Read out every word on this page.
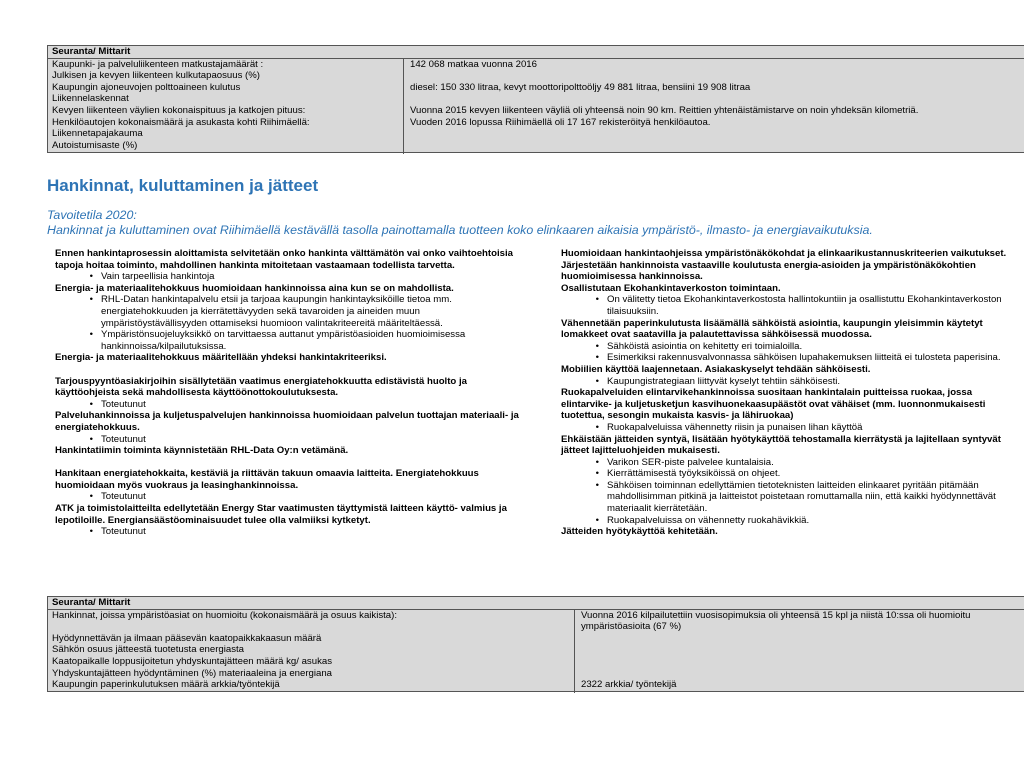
Seuranta/ Mittarit
Kaupunki- ja palveluliikenteen matkustajamäärät :
Julkisen ja kevyen liikenteen kulkutapaosuus (%)
Kaupungin ajoneuvojen polttoaineen kulutus
Liikennelaskennat
Kevyen liikenteen väylien kokonaispituus ja katkojen pituus:
Henkilöautojen kokonaismäärä ja asukasta kohti Riihimäellä:
Liikennetapajakauma
Autoistumisaste (%)
142 068 matkaa vuonna 2016
diesel: 150 330 litraa, kevyt moottoripolttoöljy 49 881 litraa, bensiini 19 908 litraa
Vuonna 2015 kevyen liikenteen väyliä oli yhteensä noin 90 km. Reittien yhtenäistämistarve on noin yhdeksän kilometriä.
Vuoden 2016 lopussa Riihimäellä oli 17 167 rekisteröityä henkilöautoa.
Hankinnat, kuluttaminen ja jätteet
Tavoitetila 2020:
Hankinnat ja kuluttaminen ovat Riihimäellä kestävällä tasolla painottamalla tuotteen koko elinkaaren aikaisia ympäristö-, ilmasto- ja energiavaikutuksia.

Ennen hankintaprosessin aloittamista selvitetään onko hankinta välttämätön vai onko vaihtoehtoisia tapoja hoitaa toiminto, mahdollinen hankinta mitoitetaan vastaamaan todellista tarvetta.

• Vain tarpeellisia hankintoja

Energia- ja materiaalitehokkuus huomioidaan hankinnoissa aina kun se on mahdollista.

• RHL-Datan hankintapalvelu etsii ja tarjoaa kaupungin hankintayksiköille tietoa mm. energiatehokkuuden ja kierrätettävyyden sekä tavaroiden ja aineiden muun ympäristöystävällisyyden ottamiseksi huomioon valintakriteereitä määriteltäessä.
• Ympäristönsuojeluyksikkö on tarvittaessa auttanut ympäristöasioiden huomioimisessa hankinnoissa/kilpailutuksissa.

Energia- ja materiaalitehokkuus määritellään yhdeksi hankintakriteeriksi.

Tarjouspyyntöasiakirjoihin sisällytetään vaatimus energiatehokkuutta edistävistä huolto ja käyttöohjeista sekä mahdollisesta käyttöönottokoulutuksesta.

• Toteutunut

Palveluhankinnoissa ja kuljetuspalvelujen hankinnoissa huomioidaan palvelun tuottajan materiaali- ja energiatehokkuus.

• Toteutunut

Hankintatiimin toiminta käynnistetään RHL-Data Oy:n vetämänä.

Hankitaan energiatehokkaita, kestäviä ja riittävän takuun omaavia laitteita. Energiatehokkuus huomioidaan myös vuokraus ja leasinghankinnoissa.

• Toteutunut

ATK ja toimistolaitteilta edellytetään Energy Star vaatimusten täyttymistä laitteen käyttö- valmius ja lepotiloille. Energiansäästöominaisuudet tulee olla valmiiksi kytketyt.

• Toteutunut

Huomioidaan hankintaohjeissa ympäristönäkökohdat ja elinkaarikustannuskriteerien vaikutukset.

Järjestetään hankinnoista vastaaville koulutusta energia-asioiden ja ympäristönäkökohtien huomioimisessa hankinnoissa.

Osallistutaan Ekohankintaverkoston toimintaan.

• On välitetty tietoa Ekohankintaverkostosta hallintokuntiin ja osallistuttu Ekohankintaverkoston tilaisuuksiin.

Vähennetään paperinkulutusta lisäämällä sähköistä asiointia, kaupungin yleisimmin käytetyt lomakkeet ovat saatavilla ja palautettavissa sähköisessä muodossa.

• Sähköistä asiointia on kehitetty eri toimialoilla.
• Esimerkiksi rakennusvalvonnassa sähköisen lupahakemuksen liitteitä ei tulosteta paperisina.

Mobiilien käyttöä laajennetaan. Asiakaskyselyt tehdään sähköisesti.

• Kaupungistrategiaan liittyvät kyselyt tehtiin sähköisesti.

Ruokapalveluiden elintarvikehankinnoissa suositaan hankintalain puitteissa ruokaa, jossa elintarvike- ja kuljetusketjun kasvihuonekaasupäästöt ovat vähäiset (mm. luonnonmukaisesti tuotettua, sesongin mukaista kasvis- ja lähiruokaa)

• Ruokapalveluissa vähennetty riisin ja punaisen lihan käyttöä

Ehkäistään jätteiden syntyä, lisätään hyötykäyttöä tehostamalla kierrätystä ja lajitellaan syntyvät jätteet lajitteluohjeiden mukaisesti.

• Varikon SER-piste palvelee kuntalaisia.
• Kierrättämisestä työyksiköissä on ohjeet.
• Sähköisen toiminnan edellyttämien tietoteknisten laitteiden elinkaaret pyritään pitämään mahdollisimman pitkinä ja laitteistot poistetaan romuttamalla niin, että kaikki hyödynnettävät materiaalit kierrätetään.
• Ruokapalveluissa on vähennetty ruokahävikkiä.

Jätteiden hyötykäyttöä kehitetään.

Seuranta/ Mittarit
Hankinnat, joissa ympäristöasiat on huomioitu (kokonaismäärä ja osuus kaikista):
Hyödynnettävän ja ilmaan pääsevän kaatopaikkakaasun määrä
Sähkön osuus jätteestä tuotetusta energiasta
Kaatopaikalle loppusijoitetun yhdyskuntajätteen määrä kg/ asukas
Yhdyskuntajätteen hyödyntäminen (%) materiaaleina ja energiana
Kaupungin paperinkulutuksen määrä arkkia/työntekijä
Vuonna 2016 kilpailutettiin vuosisopimuksia oli yhteensä 15 kpl ja niistä 10:ssa oli huomioitu ympäristöasioita (67 %)
2322 arkkia/ työntekijä
